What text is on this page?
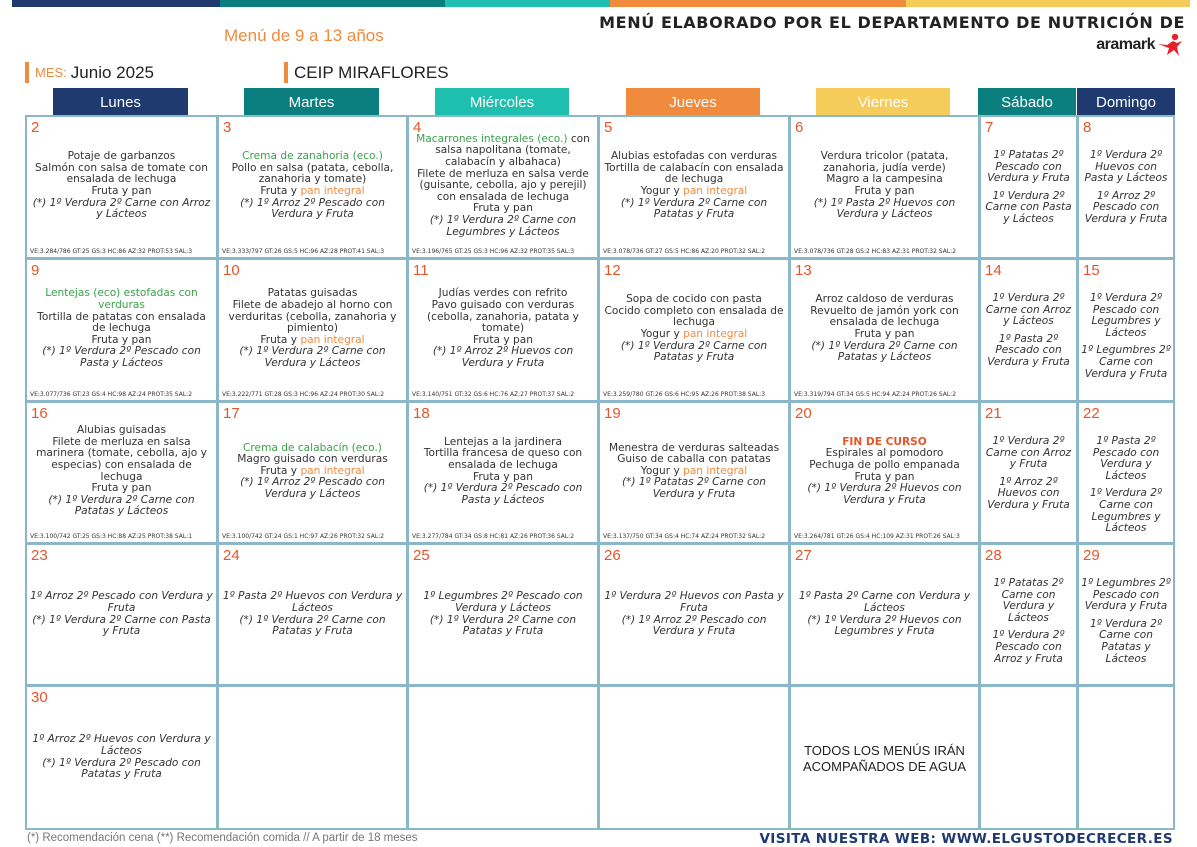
Menú de 9 a 13 años
MENÚ ELABORADO POR EL DEPARTAMENTO DE NUTRICIÓN DE
aramark
MES: Junio 2025	CEIP MIRAFLORES
Lunes	Martes	Miércoles	Jueves	Viernes	Sábado	Domingo
2
Potaje de garbanzos
Salmón con salsa de tomate con ensalada de lechuga
Fruta y pan
(*) 1º Verdura 2º Carne con Arroz y Lácteos
VE:3.284/786 GT:25 GS:3 HC:86 AZ:32 PROT:53 SAL:3
3
Crema de zanahoria (eco.)
Pollo en salsa (patata, cebolla, zanahoria y tomate)
Fruta y pan integral
(*) 1º Arroz 2º Pescado con Verdura y Fruta
VE:3.333/797 GT:26 GS:5 HC:96 AZ:28 PROT:41 SAL:3
4
Macarrones integrales (eco.) con salsa napolitana (tomate, calabacín y albahaca)
Filete de merluza en salsa verde (guisante, cebolla, ajo y perejil) con ensalada de lechuga
Fruta y pan
(*) 1º Verdura 2º Carne con Legumbres y Lácteos
VE:3.196/765 GT:25 GS:3 HC:96 AZ:32 PROT:35 SAL:3
5
Alubias estofadas con verduras
Tortilla de calabacín con ensalada de lechuga
Yogur y pan integral
(*) 1º Verdura 2º Carne con Patatas y Fruta
VE:3.078/736 GT:27 GS:5 HC:86 AZ:20 PROT:32 SAL:2
6
Verdura tricolor (patata, zanahoria, judía verde)
Magro a la campesina
Fruta y pan
(*) 1º Pasta 2º Huevos con Verdura y Lácteos
VE:3.078/736 GT:28 GS:2 HC:83 AZ:31 PROT:32 SAL:2
7
1º Patatas 2º Pescado con Verdura y Fruta
1º Verdura 2º Carne con Pasta y Lácteos
8
1º Verdura 2º Huevos con Pasta y Lácteos
1º Arroz 2º Pescado con Verdura y Fruta
9
Lentejas (eco) estofadas con verduras
Tortilla de patatas con ensalada de lechuga
Fruta y pan
(*) 1º Verdura 2º Pescado con Pasta y Lácteos
VE:3.077/736 GT:23 GS:4 HC:98 AZ:24 PROT:35 SAL:2
10
Patatas guisadas
Filete de abadejo al horno con verduritas (cebolla, zanahoria y pimiento)
Fruta y pan integral
(*) 1º Verdura 2º Carne con Verdura y Lácteos
VE:3.222/771 GT:28 GS:3 HC:96 AZ:24 PROT:30 SAL:2
11
Judías verdes con refrito
Pavo guisado con verduras (cebolla, zanahoria, patata y tomate)
Fruta y pan
(*) 1º Arroz 2º Huevos con Verdura y Fruta
VE:3.140/751 GT:32 GS:6 HC:76 AZ:27 PROT:37 SAL:2
12
Sopa de cocido con pasta
Cocido completo con ensalada de lechuga
Yogur y pan integral
(*) 1º Verdura 2º Carne con Patatas y Fruta
VE:3.259/780 GT:26 GS:6 HC:95 AZ:26 PROT:38 SAL:3
13
Arroz caldoso de verduras
Revuelto de jamón york con ensalada de lechuga
Fruta y pan
(*) 1º Verdura 2º Carne con Patatas y Lácteos
VE:3.319/794 GT:34 GS:5 HC:94 AZ:24 PROT:26 SAL:2
14
1º Verdura 2º Carne con Arroz y Lácteos
1º Pasta 2º Pescado con Verdura y Fruta
15
1º Verdura 2º Pescado con Legumbres y Lácteos
1º Legumbres 2º Carne con Verdura y Fruta
16
Alubias guisadas
Filete de merluza en salsa marinera (tomate, cebolla, ajo y especias) con ensalada de lechuga
Fruta y pan
(*) 1º Verdura 2º Carne con Patatas y Lácteos
VE:3.100/742 GT:25 GS:3 HC:88 AZ:25 PROT:38 SAL:1
17
Crema de calabacín (eco.)
Magro guisado con verduras
Fruta y pan integral
(*) 1º Arroz 2º Pescado con Verdura y Lácteos
VE:3.100/742 GT:24 GS:1 HC:97 AZ:26 PROT:32 SAL:2
18
Lentejas a la jardinera
Tortilla francesa de queso con ensalada de lechuga
Fruta y pan
(*) 1º Verdura 2º Pescado con Pasta y Lácteos
VE:3.277/784 GT:34 GS:8 HC:81 AZ:26 PROT:36 SAL:2
19
Menestra de verduras salteadas
Guiso de caballa con patatas
Yogur y pan integral
(*) 1º Patatas 2º Carne con Verdura y Fruta
VE:3.137/750 GT:34 GS:4 HC:74 AZ:24 PROT:32 SAL:2
20
FIN DE CURSO
Espirales al pomodoro
Pechuga de pollo empanada
Fruta y pan
(*) 1º Verdura 2º Huevos con Verdura y Fruta
VE:3.264/781 GT:26 GS:4 HC:109 AZ:31 PROT:26 SAL:3
21
1º Verdura 2º Carne con Arroz y Fruta
1º Arroz 2º Huevos con Verdura y Fruta
22
1º Pasta 2º Pescado con Verdura y Lácteos
1º Verdura 2º Carne con Legumbres y Lácteos
23
1º Arroz 2º Pescado con Verdura y Fruta
(*) 1º Verdura 2º Carne con Pasta y Fruta
24
1º Pasta 2º Huevos con Verdura y Lácteos
(*) 1º Verdura 2º Carne con Patatas y Fruta
25
1º Legumbres 2º Pescado con Verdura y Lácteos
(*) 1º Verdura 2º Carne con Patatas y Fruta
26
1º Verdura 2º Huevos con Pasta y Fruta
(*) 1º Arroz 2º Pescado con Verdura y Fruta
27
1º Pasta 2º Carne con Verdura y Lácteos
(*) 1º Verdura 2º Huevos con Legumbres y Fruta
28
1º Patatas 2º Carne con Verdura y Lácteos
1º Verdura 2º Pescado con Arroz y Fruta
29
1º Legumbres 2º Pescado con Verdura y Fruta
1º Verdura 2º Carne con Patatas y Lácteos
30
1º Arroz 2º Huevos con Verdura y Lácteos
(*) 1º Verdura 2º Pescado con Patatas y Fruta
TODOS LOS MENÚS IRÁN ACOMPAÑADOS DE AGUA
(*) Recomendación cena (**) Recomendación comida // A partir de 18 meses	VISITA NUESTRA WEB: WWW.ELGUSTODECRECER.ES
